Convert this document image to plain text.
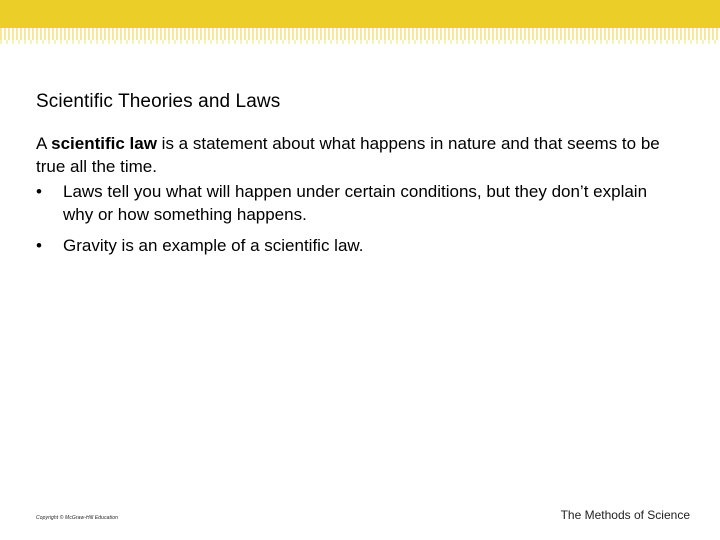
Scientific Theories and Laws

A scientific law is a statement about what happens in nature and that seems to be true all the time.

• Laws tell you what will happen under certain conditions, but they don’t explain why or how something happens.
• Gravity is an example of a scientific law.
Copyright © McGraw-Hill Education	The Methods of Science
